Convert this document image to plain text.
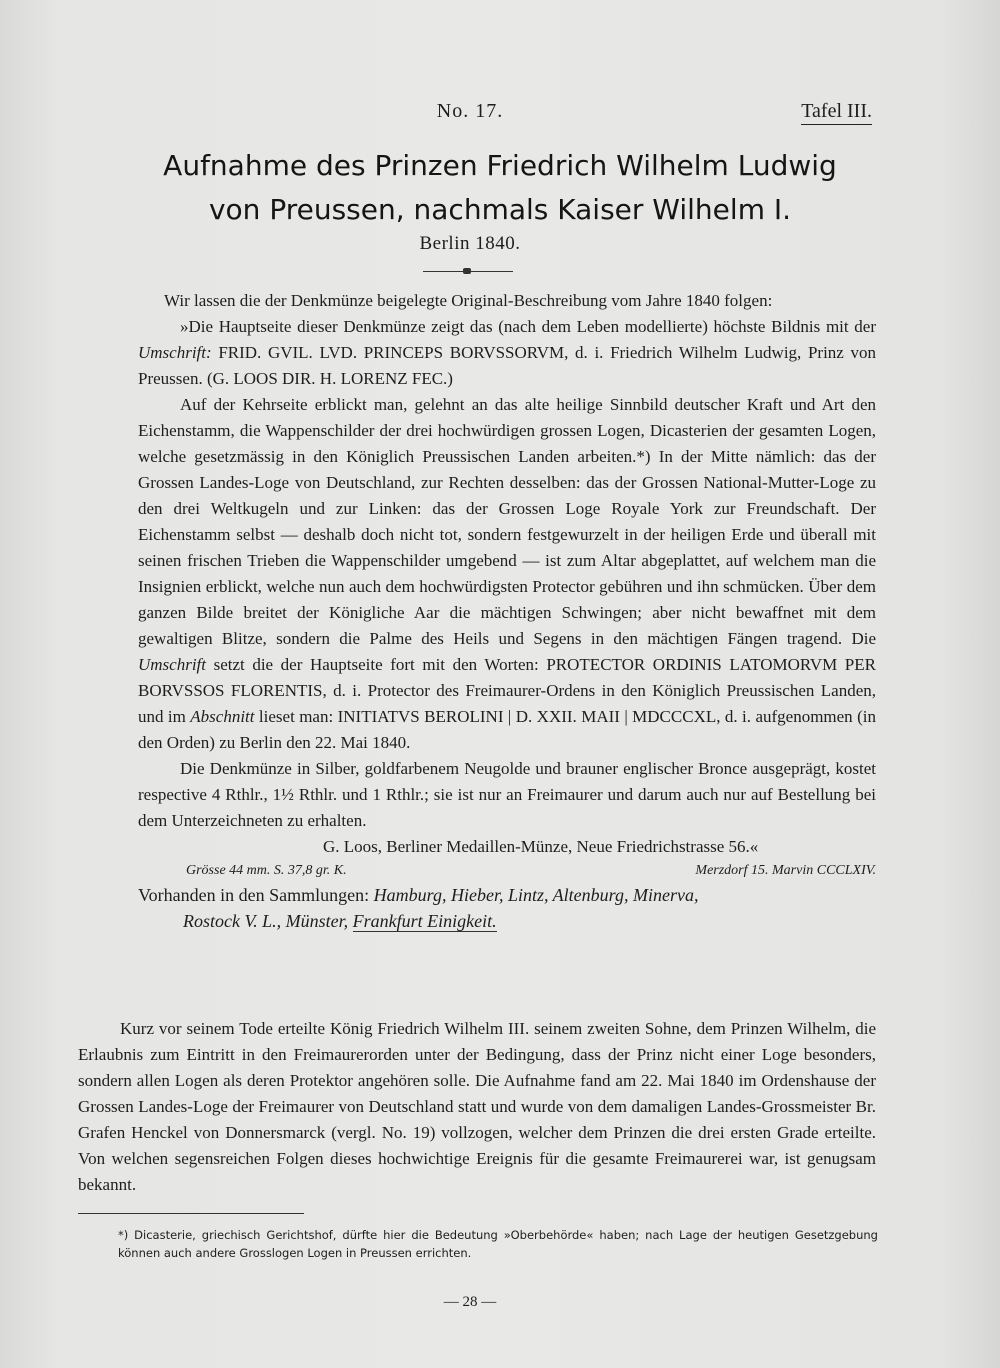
No. 17.	Tafel III.
Aufnahme des Prinzen Friedrich Wilhelm Ludwig
von Preussen, nachmals Kaiser Wilhelm I.
Berlin 1840.

Wir lassen die der Denkmünze beigelegte Original-Beschreibung vom Jahre 1840 folgen:

»Die Hauptseite dieser Denkmünze zeigt das (nach dem Leben modellierte) höchste Bildnis mit der Umschrift: FRID. GVIL. LVD. PRINCEPS BORVSSORVM, d. i. Friedrich Wilhelm Ludwig, Prinz von Preussen. (G. LOOS DIR. H. LORENZ FEC.)

Auf der Kehrseite erblickt man, gelehnt an das alte heilige Sinnbild deutscher Kraft und Art den Eichenstamm, die Wappenschilder der drei hochwürdigen grossen Logen, Dicasterien der gesamten Logen, welche gesetzmässig in den Königlich Preussischen Landen arbeiten.*) In der Mitte nämlich: das der Grossen Landes-Loge von Deutschland, zur Rechten desselben: das der Grossen National-Mutter-Loge zu den drei Weltkugeln und zur Linken: das der Grossen Loge Royale York zur Freundschaft. Der Eichenstamm selbst — deshalb doch nicht tot, sondern festgewurzelt in der heiligen Erde und überall mit seinen frischen Trieben die Wappenschilder umgebend — ist zum Altar abgeplattet, auf welchem man die Insignien erblickt, welche nun auch dem hochwürdigsten Protector gebühren und ihn schmücken. Über dem ganzen Bilde breitet der Königliche Aar die mächtigen Schwingen; aber nicht bewaffnet mit dem gewaltigen Blitze, sondern die Palme des Heils und Segens in den mächtigen Fängen tragend. Die Umschrift setzt die der Hauptseite fort mit den Worten: PROTECTOR ORDINIS LATOMORVM PER BORVSSOS FLORENTIS, d. i. Protector des Freimaurer-Ordens in den Königlich Preussischen Landen, und im Abschnitt lieset man: INITIATVS BEROLINI | D. XXII. MAII | MDCCCXL, d. i. aufgenommen (in den Orden) zu Berlin den 22. Mai 1840.

Die Denkmünze in Silber, goldfarbenem Neugolde und brauner englischer Bronce ausgeprägt, kostet respective 4 Rthlr., 1½ Rthlr. und 1 Rthlr.; sie ist nur an Freimaurer und darum auch nur auf Bestellung bei dem Unterzeichneten zu erhalten.

G. Loos, Berliner Medaillen-Münze, Neue Friedrichstrasse 56.«

Grösse 44 mm. S. 37,8 gr. K.	Merzdorf 15. Marvin CCCLXIV.
Vorhanden in den Sammlungen: Hamburg, Hieber, Lintz, Altenburg, Minerva,
Rostock V. L., Münster, Frankfurt Einigkeit.

Kurz vor seinem Tode erteilte König Friedrich Wilhelm III. seinem zweiten Sohne, dem Prinzen Wilhelm, die Erlaubnis zum Eintritt in den Freimaurerorden unter der Bedingung, dass der Prinz nicht einer Loge besonders, sondern allen Logen als deren Protektor angehören solle. Die Aufnahme fand am 22. Mai 1840 im Ordenshause der Grossen Landes-Loge der Freimaurer von Deutschland statt und wurde von dem damaligen Landes-Grossmeister Br. Grafen Henckel von Donnersmarck (vergl. No. 19) vollzogen, welcher dem Prinzen die drei ersten Grade erteilte. Von welchen segensreichen Folgen dieses hochwichtige Ereignis für die gesamte Freimaurerei war, ist genugsam bekannt.

*) Dicasterie, griechisch Gerichtshof, dürfte hier die Bedeutung »Oberbehörde« haben; nach Lage der heutigen Gesetzgebung können auch andere Grosslogen Logen in Preussen errichten.

— 28 —
